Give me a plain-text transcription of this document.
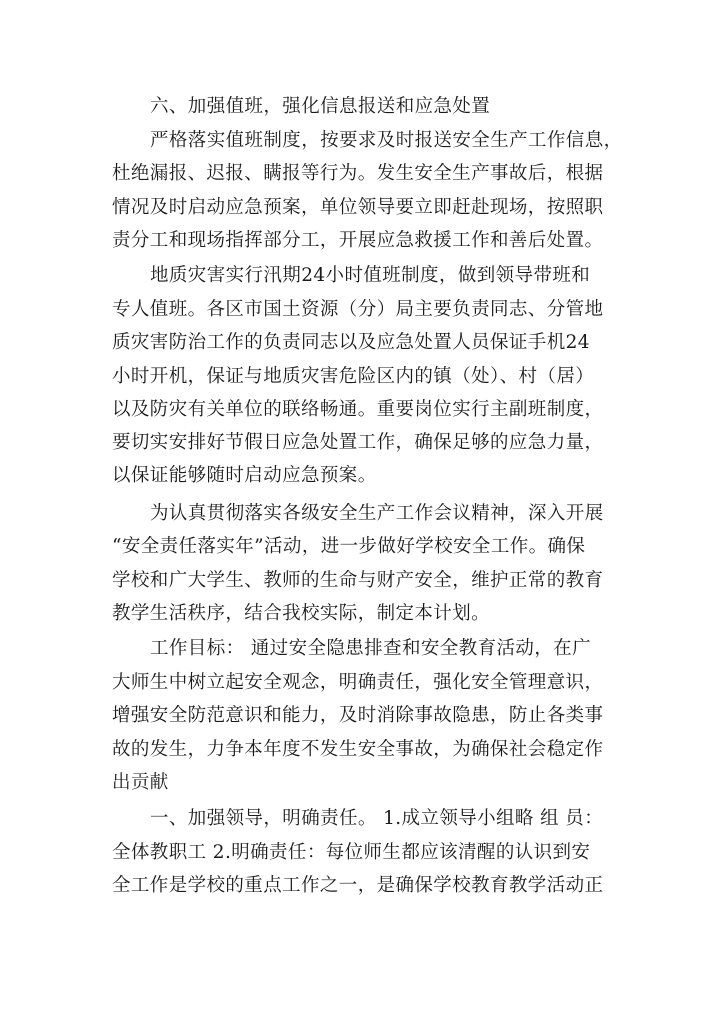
六、加强值班，强化信息报送和应急处置
严格落实值班制度，按要求及时报送安全生产工作信息，
杜绝漏报、迟报、瞒报等行为。发生安全生产事故后，根据
情况及时启动应急预案，单位领导要立即赶赴现场，按照职
责分工和现场指挥部分工，开展应急救援工作和善后处置。
地质灾害实行汛期24小时值班制度，做到领导带班和
专人值班。各区市国土资源（分）局主要负责同志、分管地
质灾害防治工作的负责同志以及应急处置人员保证手机24
小时开机，保证与地质灾害危险区内的镇（处）、村（居）
以及防灾有关单位的联络畅通。重要岗位实行主副班制度，
要切实安排好节假日应急处置工作，确保足够的应急力量，
以保证能够随时启动应急预案。
为认真贯彻落实各级安全生产工作会议精神，深入开展
“安全责任落实年”活动，进一步做好学校安全工作。确保
学校和广大学生、教师的生命与财产安全，维护正常的教育
教学生活秩序，结合我校实际，制定本计划。
工作目标： 通过安全隐患排查和安全教育活动，在广
大师生中树立起安全观念，明确责任，强化安全管理意识，
增强安全防范意识和能力，及时消除事故隐患，防止各类事
故的发生，力争本年度不发生安全事故，为确保社会稳定作
出贡献
一、加强领导，明确责任。 1.成立领导小组略 组 员：
全体教职工 2.明确责任：每位师生都应该清醒的认识到安
全工作是学校的重点工作之一，是确保学校教育教学活动正
